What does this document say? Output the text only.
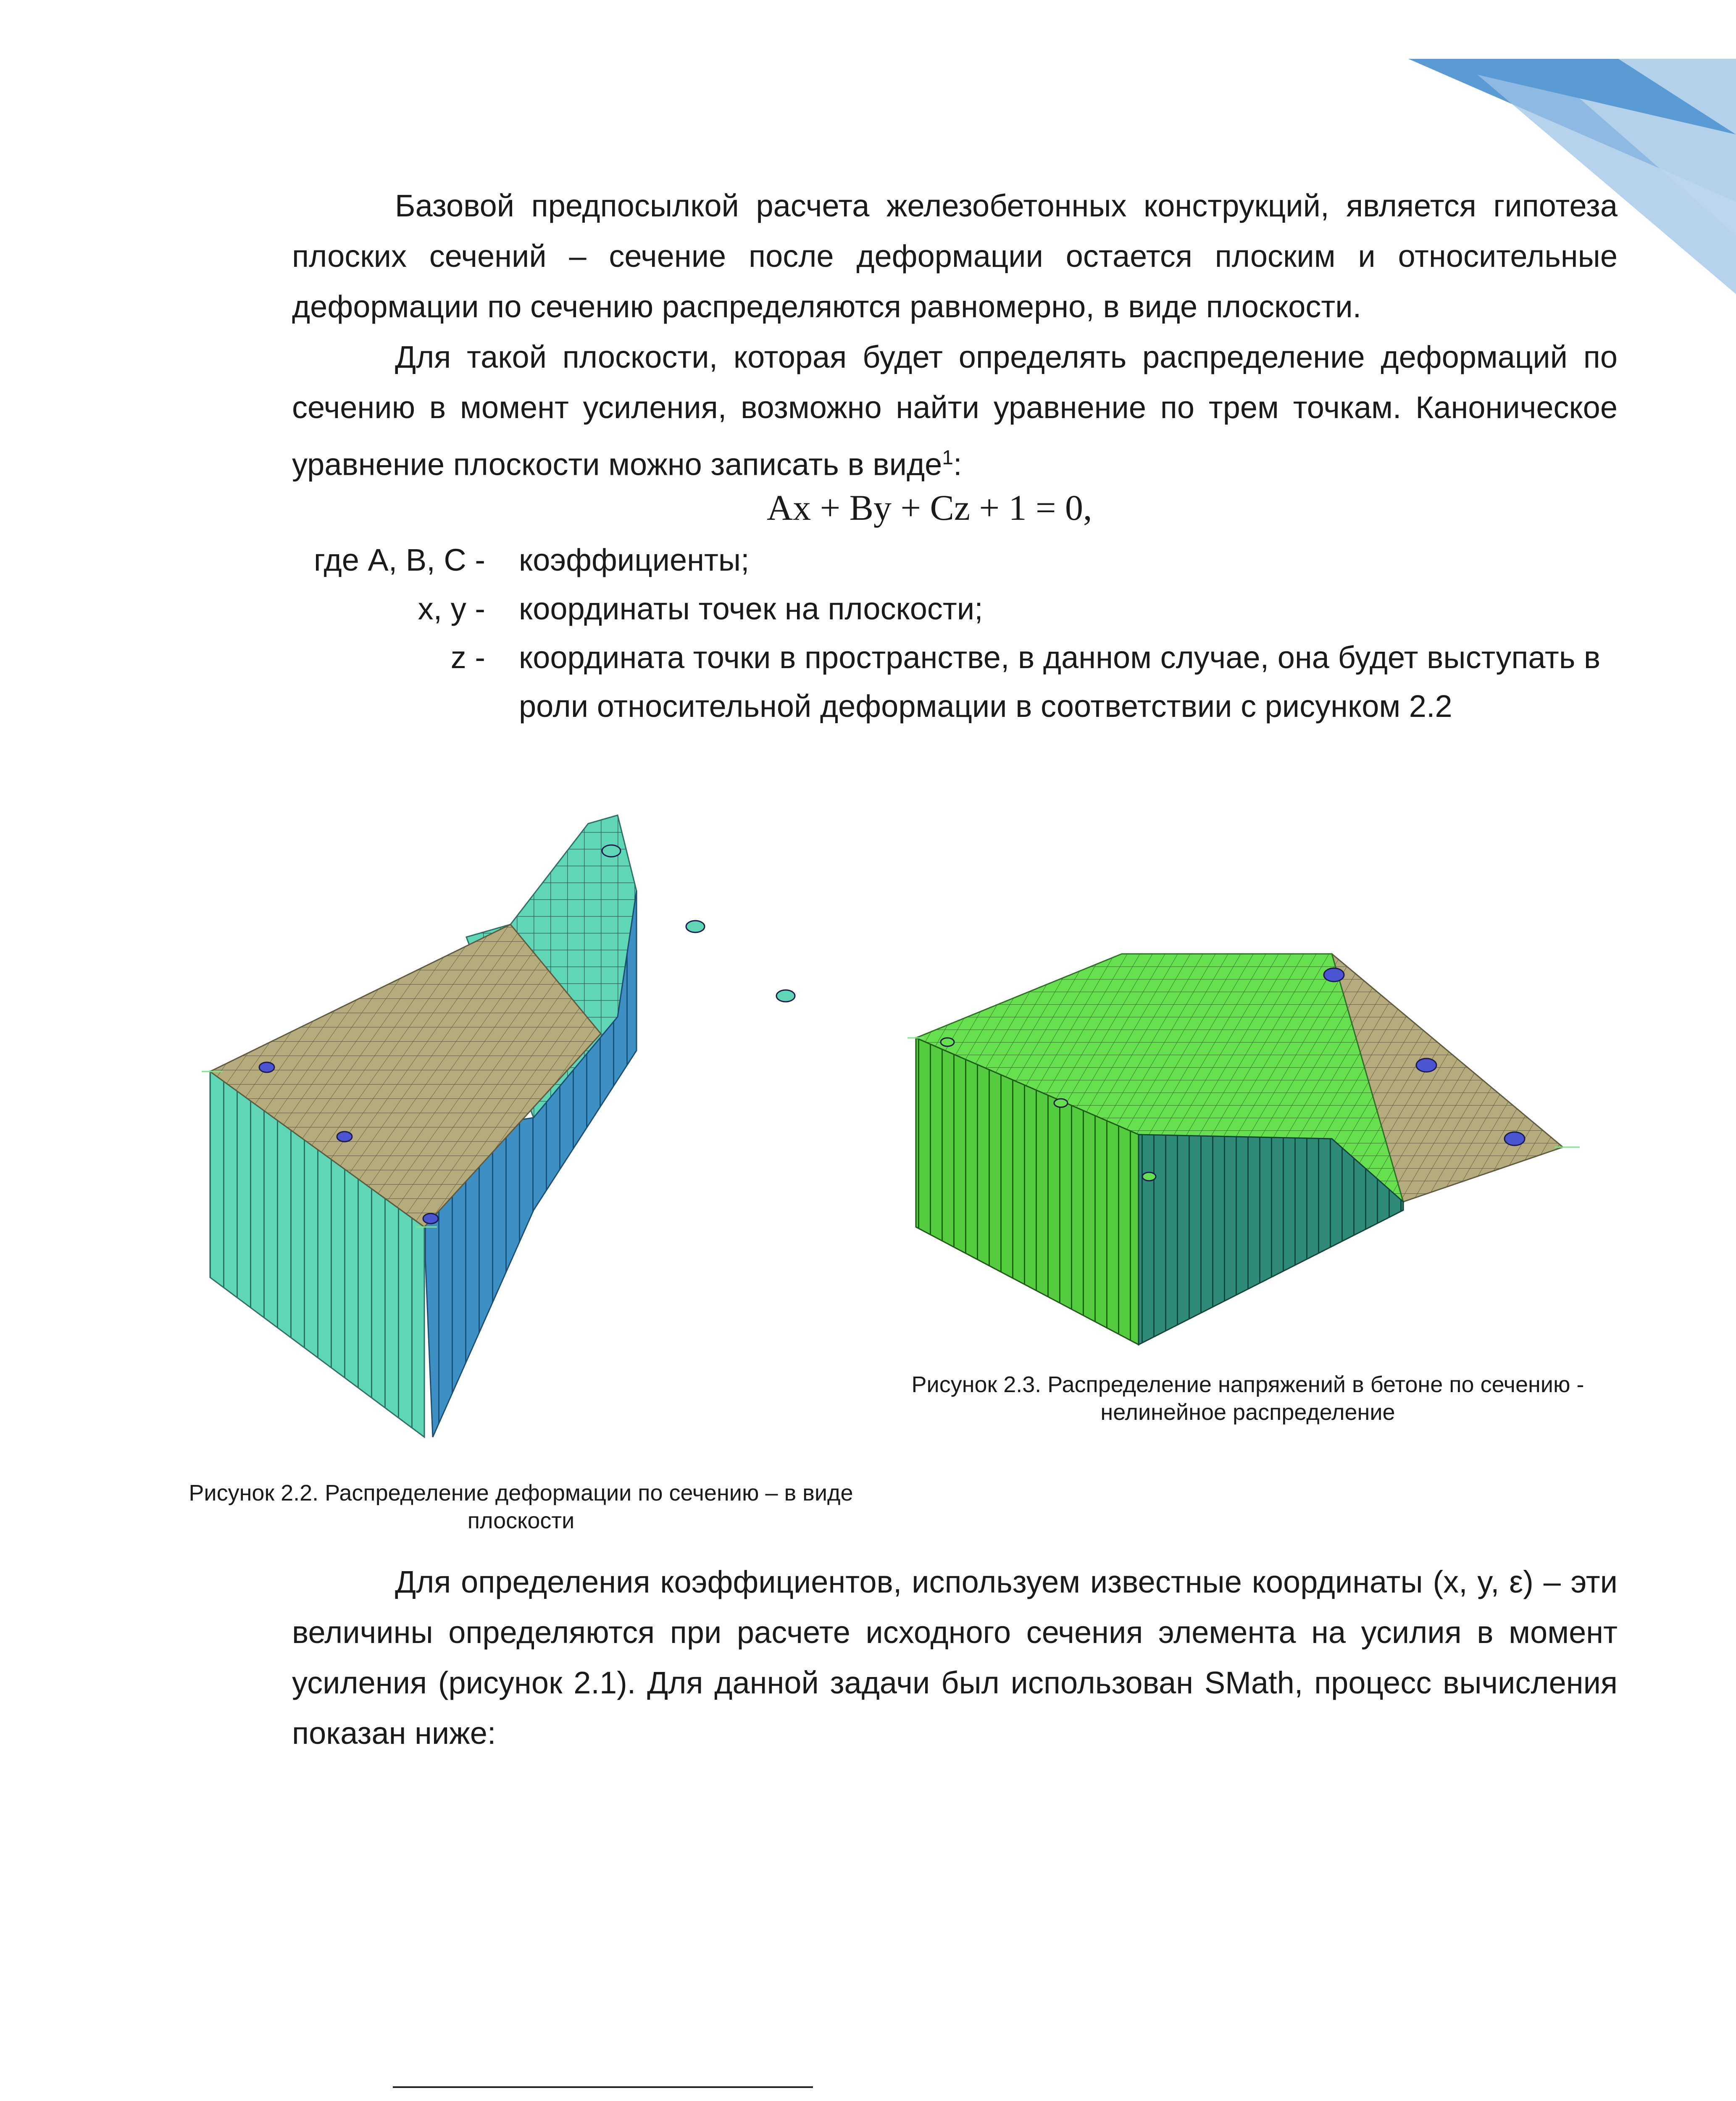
Базовой предпосылкой расчета железобетонных конструкций, является гипотеза плоских сечений – сечение после деформации остается плоским и относительные деформации по сечению распределяются равномерно, в виде плоскости.

Для такой плоскости, которая будет определять распределение деформаций по сечению в момент усиления, возможно найти уравнение по трем точкам. Каноническое уравнение плоскости можно записать в виде$^1$:

Ax + By + Cz + 1 = 0,
где A, B, C - коэффициенты;
x, y - координаты точек на плоскости;
z - координата точки в пространстве, в данном случае, она будет выступать в роли относительной деформации в соответствии с рисунком 2.2
Рисунок 2.2. Распределение деформации по сечению – в виде плоскости
Рисунок 2.3. Распределение напряжений в бетоне по сечению - нелинейное распределение

Для определения коэффициентов, используем известные координаты (x, y, ε) – эти величины определяются при расчете исходного сечения элемента на усилия в момент усиления (рисунок 2.1). Для данной задачи был использован SMath, процесс вычисления показан ниже:
